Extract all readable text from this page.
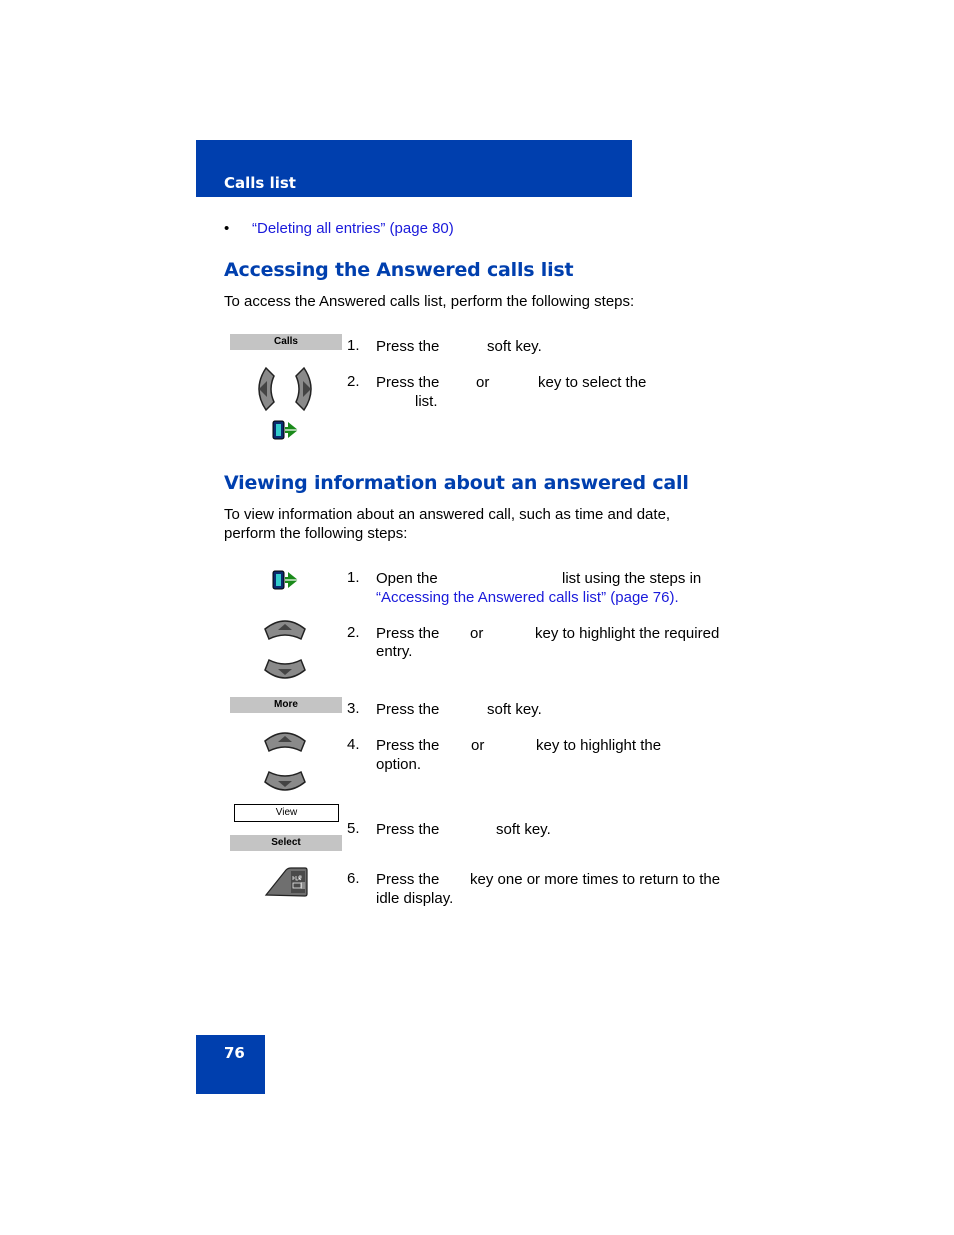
Calls list
• “Deleting all entries” (page 80)
Accessing the Answered calls list
To access the Answered calls list, perform the following steps:
Calls	1. Press the	soft key.
2. Press the or	key to select the
list.
Viewing information about an answered call
To view information about an answered call, such as time and date,
perform the following steps:
1. Open the	list using the steps in
“Accessing the Answered calls list” (page 76).
2. Press the or	key to highlight the required
entry.
More	3. Press the	soft key.
4. Press the or	key to highlight the
option.
View
Select
5. Press the	soft key.
6. Press the key one or more times to return to the
idle display.
76
